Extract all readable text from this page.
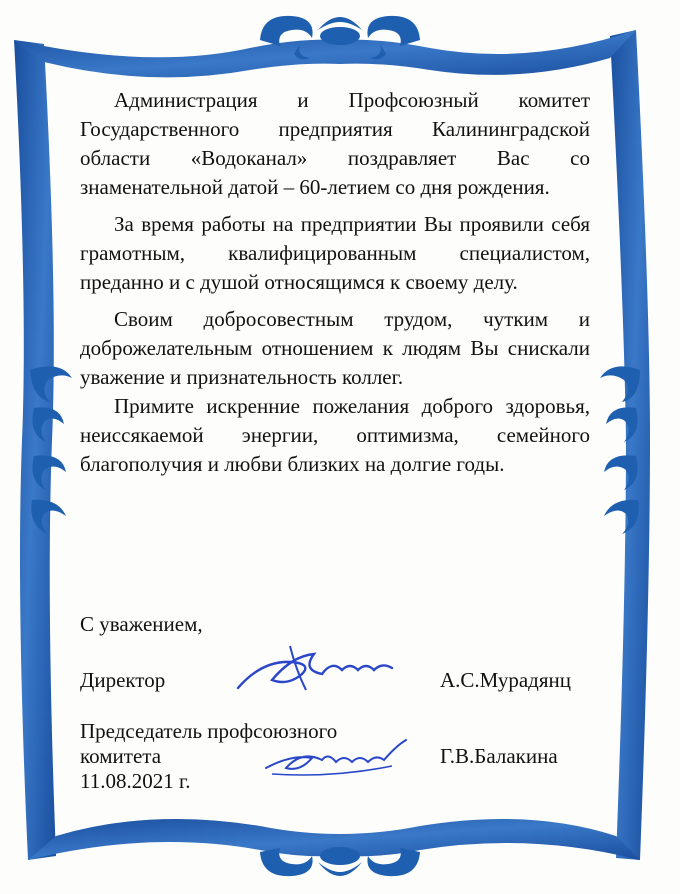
Администрация и Профсоюзный комитет Государственного предприятия Калининградской области «Водоканал» поздравляет Вас со знаменательной датой – 60-летием со дня рождения.

За время работы на предприятии Вы проявили себя грамотным, квалифицированным специалистом, преданно и с душой относящимся к своему делу.

Своим добросовестным трудом, чутким и доброжелательным отношением к людям Вы снискали уважение и признательность коллег.

Примите искренние пожелания доброго здоровья, неиссякаемой энергии, оптимизма, семейного благополучия и любви близких на долгие годы.

С уважением,
Директор	А.С.Мурадянц
Председатель профсоюзного
комитета	Г.В.Балакина
11.08.2021 г.
